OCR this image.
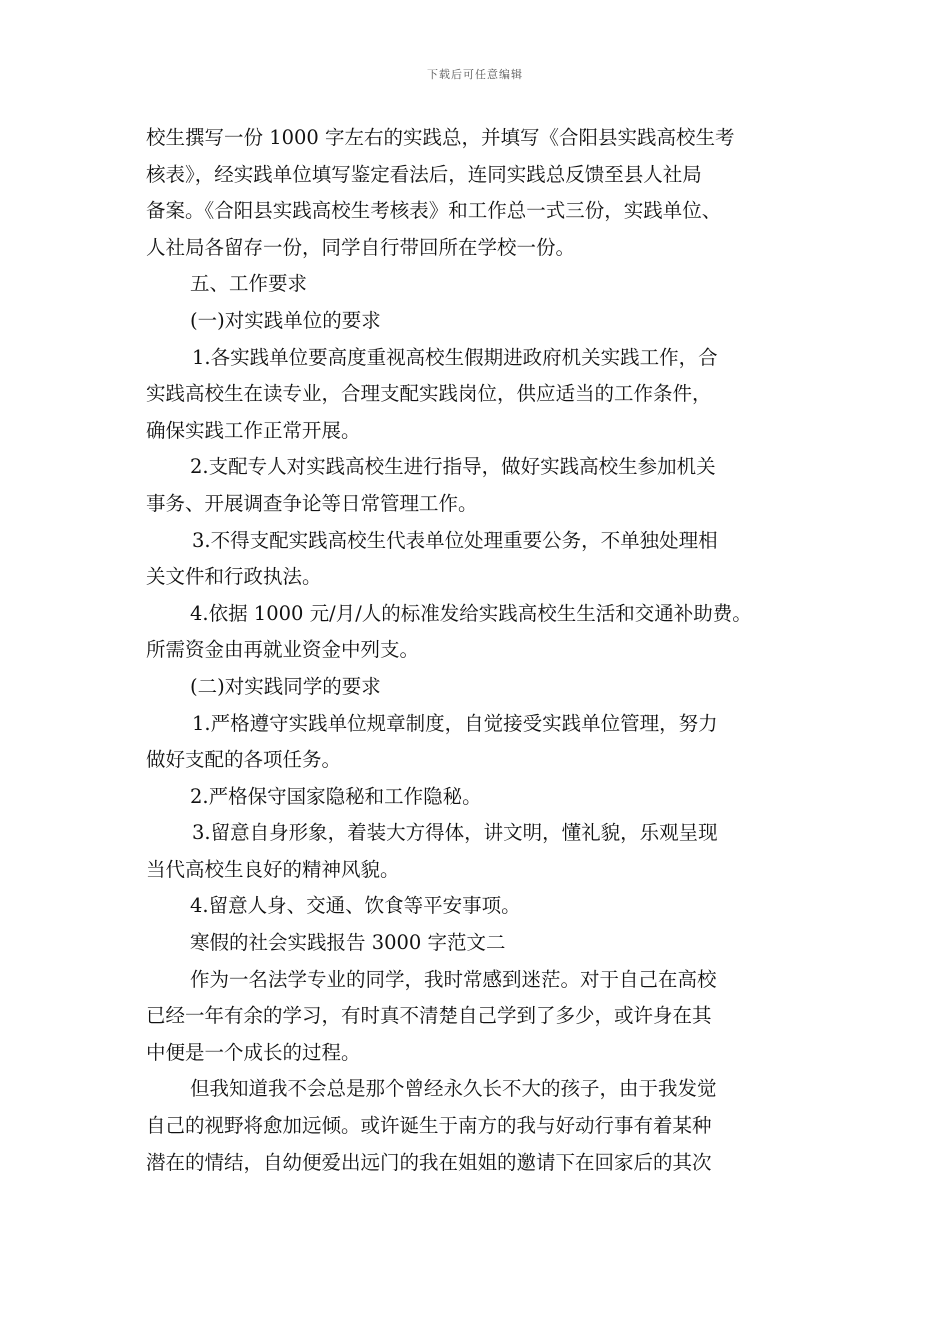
下载后可任意编辑
校生撰写一份 1000 字左右的实践总，并填写《合阳县实践高校生考
核表》，经实践单位填写鉴定看法后，连同实践总反馈至县人社局
备案。《合阳县实践高校生考核表》和工作总一式三份，实践单位、
人社局各留存一份，同学自行带回所在学校一份。
五、工作要求
(一)对实践单位的要求
1.各实践单位要高度重视高校生假期进政府机关实践工作，合
实践高校生在读专业，合理支配实践岗位，供应适当的工作条件，
确保实践工作正常开展。
2.支配专人对实践高校生进行指导，做好实践高校生参加机关
事务、开展调查争论等日常管理工作。
3.不得支配实践高校生代表单位处理重要公务，不单独处理相
关文件和行政执法。
4.依据 1000 元/月/人的标准发给实践高校生生活和交通补助费。
所需资金由再就业资金中列支。
(二)对实践同学的要求
1.严格遵守实践单位规章制度，自觉接受实践单位管理，努力
做好支配的各项任务。
2.严格保守国家隐秘和工作隐秘。
3.留意自身形象，着装大方得体，讲文明，懂礼貌，乐观呈现
当代高校生良好的精神风貌。
4.留意人身、交通、饮食等平安事项。
寒假的社会实践报告 3000 字范文二
作为一名法学专业的同学，我时常感到迷茫。对于自己在高校
已经一年有余的学习，有时真不清楚自己学到了多少，或许身在其
中便是一个成长的过程。
但我知道我不会总是那个曾经永久长不大的孩子，由于我发觉
自己的视野将愈加远倾。或许诞生于南方的我与好动行事有着某种
潜在的情结，自幼便爱出远门的我在姐姐的邀请下在回家后的其次
